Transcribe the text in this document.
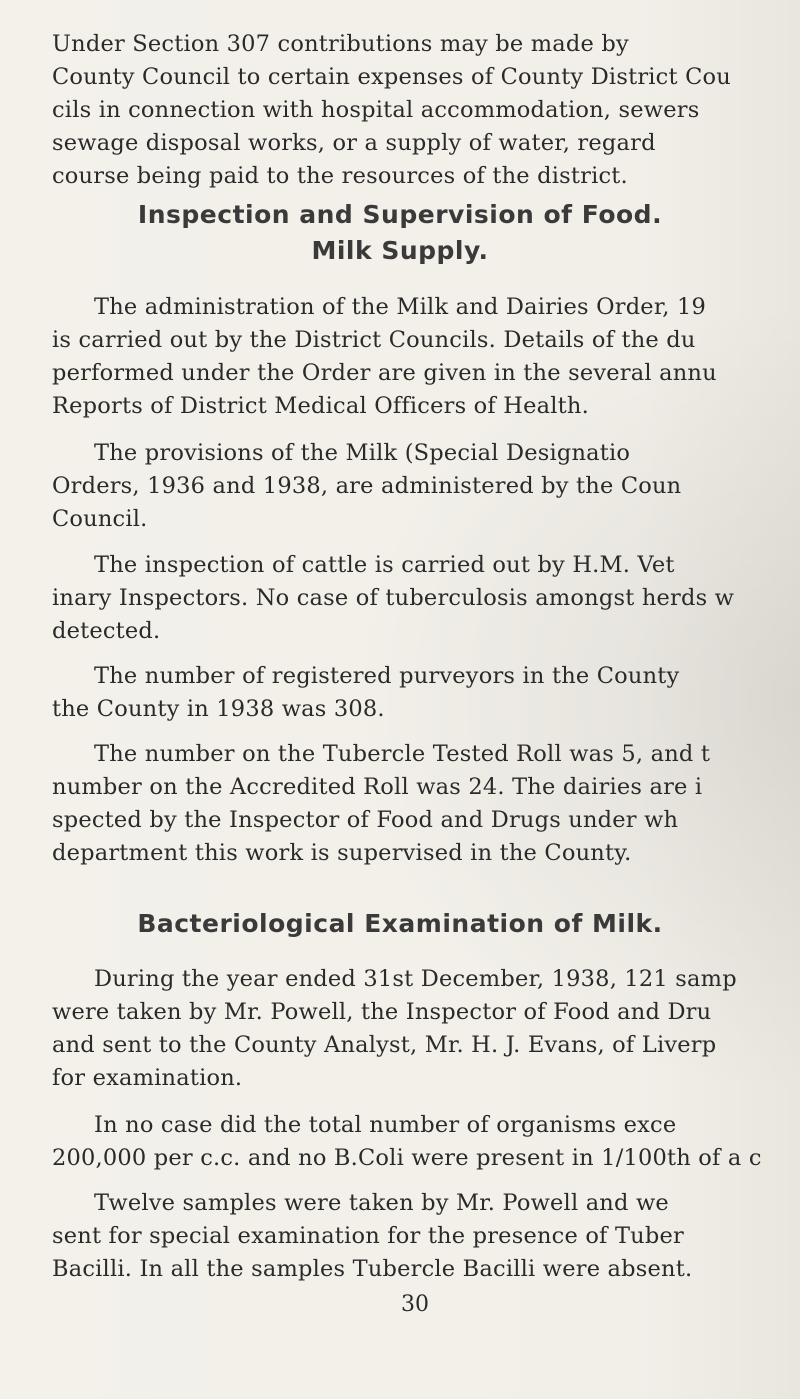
Under Section 307 contributions may be made by
County Council to certain expenses of County District Cou
cils in connection with hospital accommodation, sewers
sewage disposal works, or a supply of water, regard
course being paid to the resources of the district.

Inspection and Supervision of Food.
Milk Supply.

The administration of the Milk and Dairies Order, 19
is carried out by the District Councils. Details of the du
performed under the Order are given in the several annu
Reports of District Medical Officers of Health.

The provisions of the Milk (Special Designatio
Orders, 1936 and 1938, are administered by the Coun
Council.

The inspection of cattle is carried out by H.M. Vet
inary Inspectors. No case of tuberculosis amongst herds w
detected.

The number of registered purveyors in the County
the County in 1938 was 308.

The number on the Tubercle Tested Roll was 5, and t
number on the Accredited Roll was 24. The dairies are i
spected by the Inspector of Food and Drugs under wh
department this work is supervised in the County.

Bacteriological Examination of Milk.

During the year ended 31st December, 1938, 121 samp
were taken by Mr. Powell, the Inspector of Food and Dru
and sent to the County Analyst, Mr. H. J. Evans, of Liverp
for examination.

In no case did the total number of organisms exce
200,000 per c.c. and no B.Coli were present in 1/100th of a c

Twelve samples were taken by Mr. Powell and we
sent for special examination for the presence of Tuber
Bacilli. In all the samples Tubercle Bacilli were absent.

30
